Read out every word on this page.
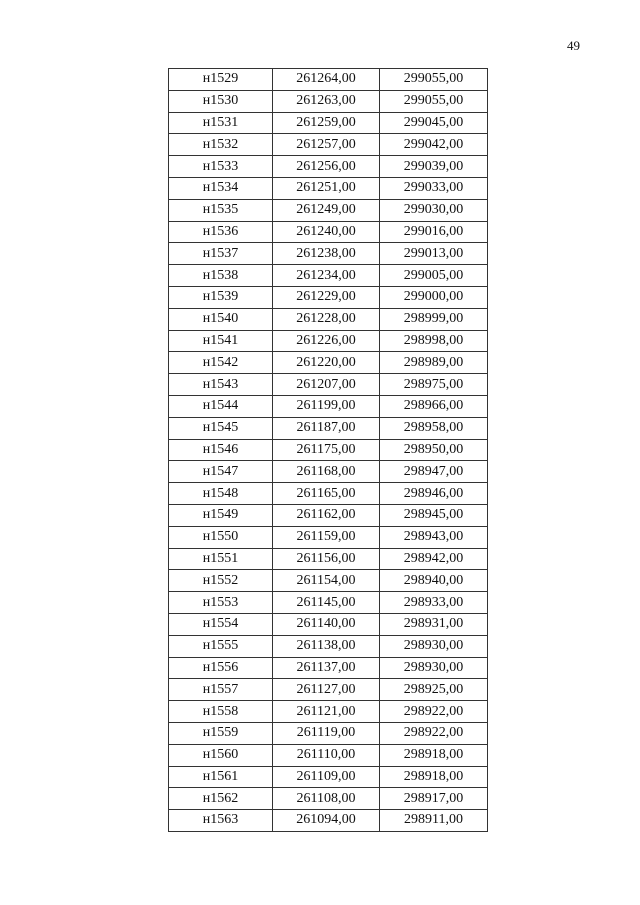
49
н1529	261264,00	299055,00
н1530	261263,00	299055,00
н1531	261259,00	299045,00
н1532	261257,00	299042,00
н1533	261256,00	299039,00
н1534	261251,00	299033,00
н1535	261249,00	299030,00
н1536	261240,00	299016,00
н1537	261238,00	299013,00
н1538	261234,00	299005,00
н1539	261229,00	299000,00
н1540	261228,00	298999,00
н1541	261226,00	298998,00
н1542	261220,00	298989,00
н1543	261207,00	298975,00
н1544	261199,00	298966,00
н1545	261187,00	298958,00
н1546	261175,00	298950,00
н1547	261168,00	298947,00
н1548	261165,00	298946,00
н1549	261162,00	298945,00
н1550	261159,00	298943,00
н1551	261156,00	298942,00
н1552	261154,00	298940,00
н1553	261145,00	298933,00
н1554	261140,00	298931,00
н1555	261138,00	298930,00
н1556	261137,00	298930,00
н1557	261127,00	298925,00
н1558	261121,00	298922,00
н1559	261119,00	298922,00
н1560	261110,00	298918,00
н1561	261109,00	298918,00
н1562	261108,00	298917,00
н1563	261094,00	298911,00
